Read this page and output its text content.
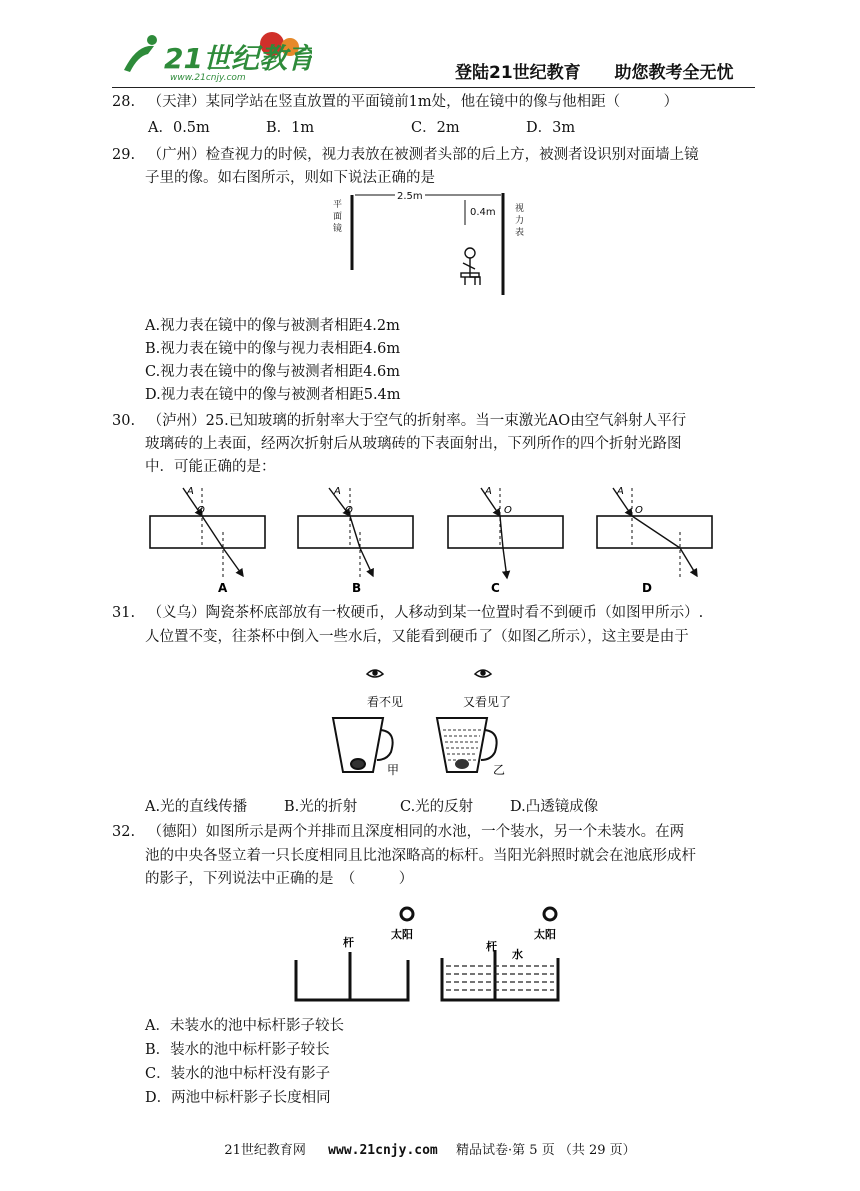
21世纪教育
www.21cnjy.com	登陆21世纪教育 助您教考全无忧
28. （天津）某同学站在竖直放置的平面镜前1m处，他在镜中的像与他相距（　　　）
A．0.5m	B．1m	C．2m	D．3m
29. （广州）检查视力的时候，视力表放在被测者头部的后上方，被测者设识别对面墙上镜
子里的像。如右图所示，则如下说法正确的是
2.5m
0.4m
平
面
镜
视
力
表
A.视力表在镜中的像与被测者相距4.2m
B.视力表在镜中的像与视力表相距4.6m
C.视力表在镜中的像与被测者相距4.6m
D.视力表在镜中的像与被测者相距5.4m
30. （泸州）25.已知玻璃的折射率大于空气的折射率。当一束激光AO由空气斜射人平行
玻璃砖的上表面，经两次折射后从玻璃砖的下表面射出，下列所作的四个折射光路图
中．可能正确的是：
A
O
A
A
O
B
A
O
C
A
O
D
31. （义乌）陶瓷茶杯底部放有一枚硬币，人移动到某一位置时看不到硬币（如图甲所示）.
人位置不变，往茶杯中倒入一些水后，又能看到硬币了（如图乙所示），这主要是由于
看不见	又看见了
甲	乙
A.光的直线传播	B.光的折射	C.光的反射	D.凸透镜成像
32. （德阳）如图所示是两个并排而且深度相同的水池，一个装水，另一个未装水。在两
池的中央各竖立着一只长度相同且比池深略高的标杆。当阳光斜照时就会在池底形成杆
的影子，下列说法中正确的是　（　　　）
杆
太阳
杆
水
太阳
A．未装水的池中标杆影子较长
B．装水的池中标杆影子较长
C．装水的池中标杆没有影子
D．两池中标杆影子长度相同
21世纪教育网 www.21cnjy.com 精品试卷·第 5 页 （共 29 页）
